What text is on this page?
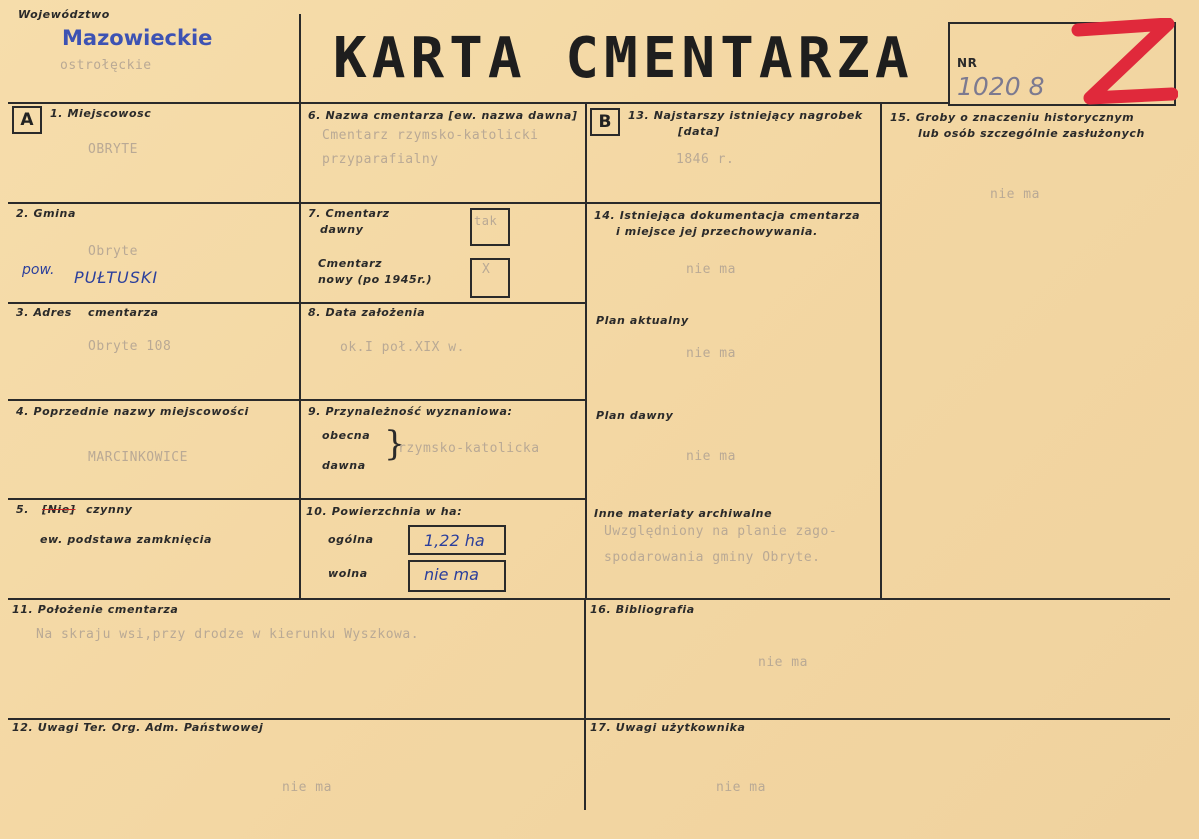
Województwo
Mazowieckie
ostrołęckie	KARTA CMENTARZA	NR
1020 8
A	1. Miejscowosc
OBRYTE
2. Gmina
Obryte
pow. PUŁTUSKI
3. Adres cmentarza
Obryte 108
4. Poprzednie nazwy miejscowości
MARCINKOWICE
5. [Nie] czynny
ew. podstawa zamknięcia
6. Nazwa cmentarza [ew. nazwa dawna]
Cmentarz rzymsko-katolicki
przyparafialny
7. Cmentarz
dawny
tak
Cmentarz
nowy (po 1945r.)
X
8. Data założenia
ok.I poł.XIX w.
9. Przynależność wyznaniowa:
obecna
dawna
}
rzymsko-katolicka
10. Powierzchnia w ha:
ogólna	1,22 ha
wolna	nie ma
B	13. Najstarszy istniejący nagrobek
[data]
1846 r.
14. Istniejąca dokumentacja cmentarza
i miejsce jej przechowywania.
nie ma
Plan aktualny
nie ma
Plan dawny
nie ma
Inne materiaty archiwalne
Uwzględniony na planie zago-
spodarowania gminy Obryte.
15. Groby o znaczeniu historycznym
lub osób szczególnie zasłużonych
nie ma
11. Położenie cmentarza
Na skraju wsi,przy drodze w kierunku Wyszkowa.
16. Bibliografia
nie ma
12. Uwagi Ter. Org. Adm. Państwowej
nie ma
17. Uwagi użytkownika
nie ma
